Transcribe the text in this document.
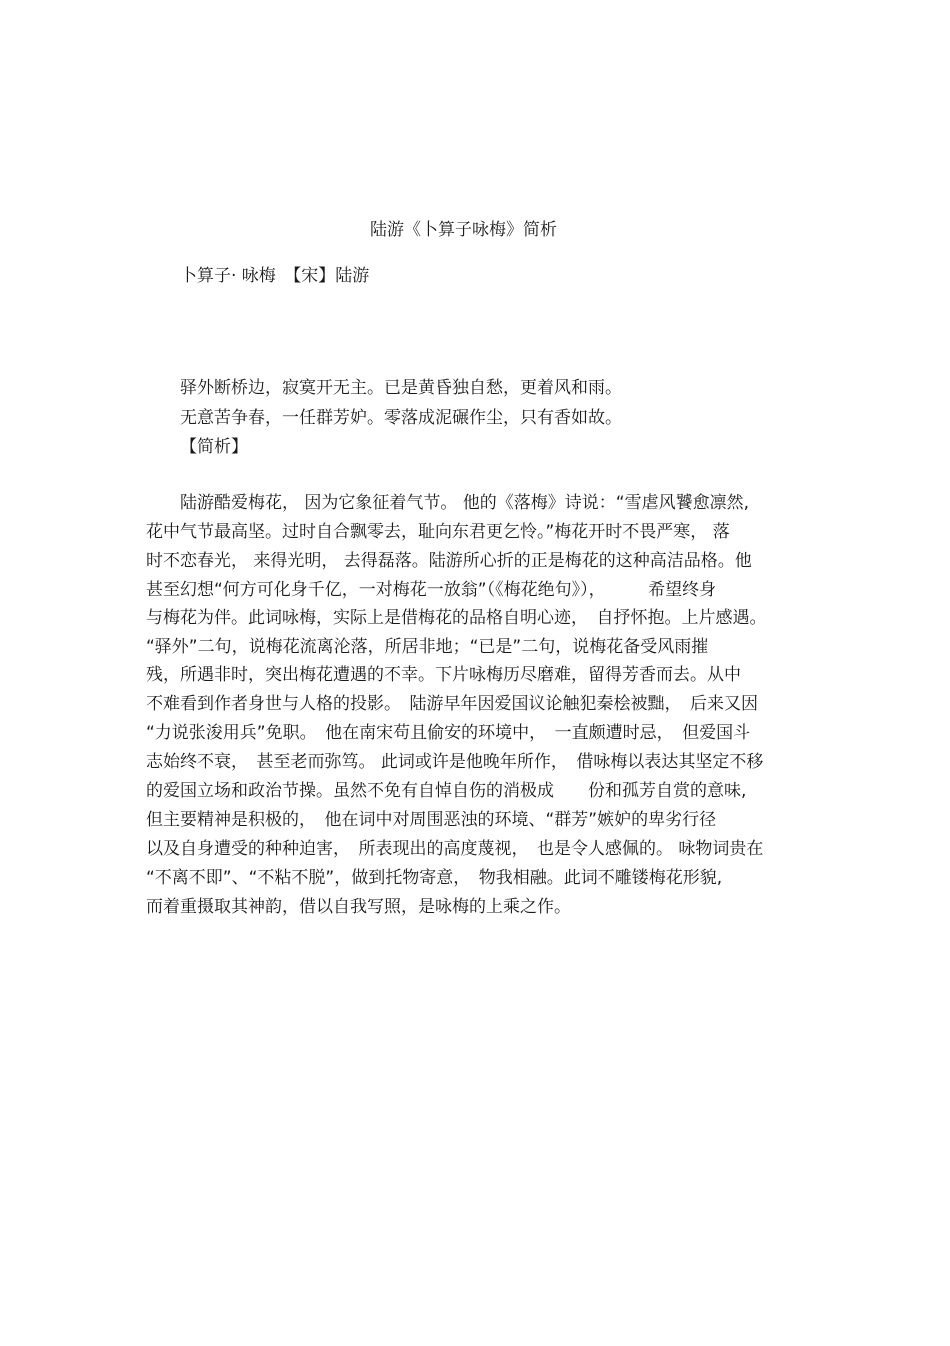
陆游《卜算子咏梅》简析
卜算子· 咏梅　【宋】陆游
驿外断桥边，寂寞开无主。已是黄昏独自愁，更着风和雨。
无意苦争春，一任群芳妒。零落成泥碾作尘，只有香如故。
【简析】
　　陆游酷爱梅花， 因为它象征着气节。 他的《落梅》诗说：“雪虐风饕愈凛然,
花中气节最高坚。过时自合飘零去，耻向东君更乞怜。”梅花开时不畏严寒， 落
时不恋春光， 来得光明， 去得磊落。陆游所心折的正是梅花的这种高洁品格。他
甚至幻想“何方可化身千亿，一对梅花一放翁”（《梅花绝句》），　　　希望终身
与梅花为伴。此词咏梅，实际上是借梅花的品格自明心迹，　自抒怀抱。上片感遇。
“驿外”二句，说梅花流离沦落，所居非地；“已是”二句，说梅花备受风雨摧
残，所遇非时，突出梅花遭遇的不幸。下片咏梅历尽磨难，留得芳香而去。从中
不难看到作者身世与人格的投影。　陆游早年因爱国议论触犯秦桧被黜，　后来又因
“力说张浚用兵”免职。　他在南宋苟且偷安的环境中，　一直颇遭时忌，　但爱国斗
志始终不衰，　甚至老而弥笃。 此词或许是他晚年所作，　借咏梅以表达其坚定不移
的爱国立场和政治节操。虽然不免有自悼自伤的消极成　　份和孤芳自赏的意味,
但主要精神是积极的，　他在词中对周围恶浊的环境、“群芳”嫉妒的卑劣行径
以及自身遭受的种种迫害，　所表现出的高度蔑视，　也是令人感佩的。 咏物词贵在
“不离不即”、“不粘不脱”，做到托物寄意，　物我相融。此词不雕镂梅花形貌,
而着重摄取其神韵，借以自我写照，是咏梅的上乘之作。
